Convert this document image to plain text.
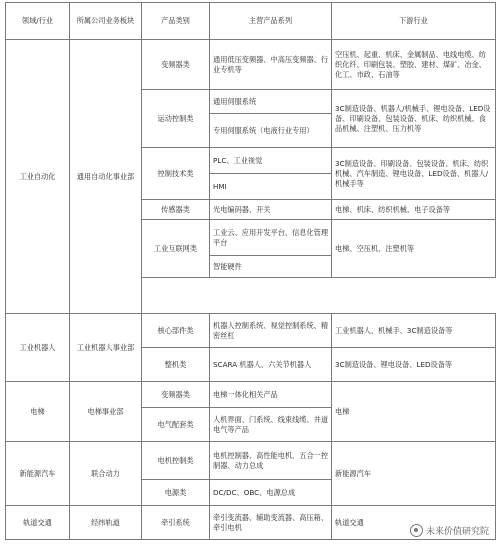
领域/行业	所属公司业务板块	产品类别	主营产品系列	下游行业
工业自动化	通用自动化事业部	变频器类	通用低压变频器、中高压变频器、行业专机等	空压机、起重、机床、金属制品、电线电缆、纺织化纤、印刷包装、塑胶、建材、煤矿、冶金、化工、市政、石油等
		运动控制类	通用伺服系统	3C制造设备、机器人/机械手、锂电设备、LED设备、印刷设备、包装设备、机床、纺织机械、食品机械、注塑机、压力机等
			专用伺服系统（电液行业专用）	
		控制技术类	PLC、工业视觉	3C制造设备、印刷设备、包装设备、机床、纺织机械、汽车制造、锂电设备、LED设备、机器人/机械手等
			HMI	
		传感器类	光电编码器、开关	电梯、机床、纺织机械、电子设备等
		工业互联网类	工业云、应用开发平台、信息化管理平台	电梯、空压机、注塑机等
			智能硬件	

工业机器人	工业机器人事业部	核心部件类	机器人控制系统、视觉控制系统、精密丝杠	工业机器人、机械手、3C制造设备等
		整机类	SCARA 机器人、六关节机器人	3C制造设备、锂电设备、LED设备等
电梯	电梯事业部	变频器类	电梯一体化相关产品	电梯
		电气配套类	人机界面、门系统、线束线缆、井道电气等产品	
新能源汽车	联合动力	电机控制类	电机控制器、高性能电机、五合一控制器、动力总成	新能源汽车
		电源类	DC/DC、OBC、电源总成	
轨道交通	经纬轨道	牵引系统	牵引变流器、辅助变流器、高压箱、牵引电机	轨道交通
未来价值研究院
